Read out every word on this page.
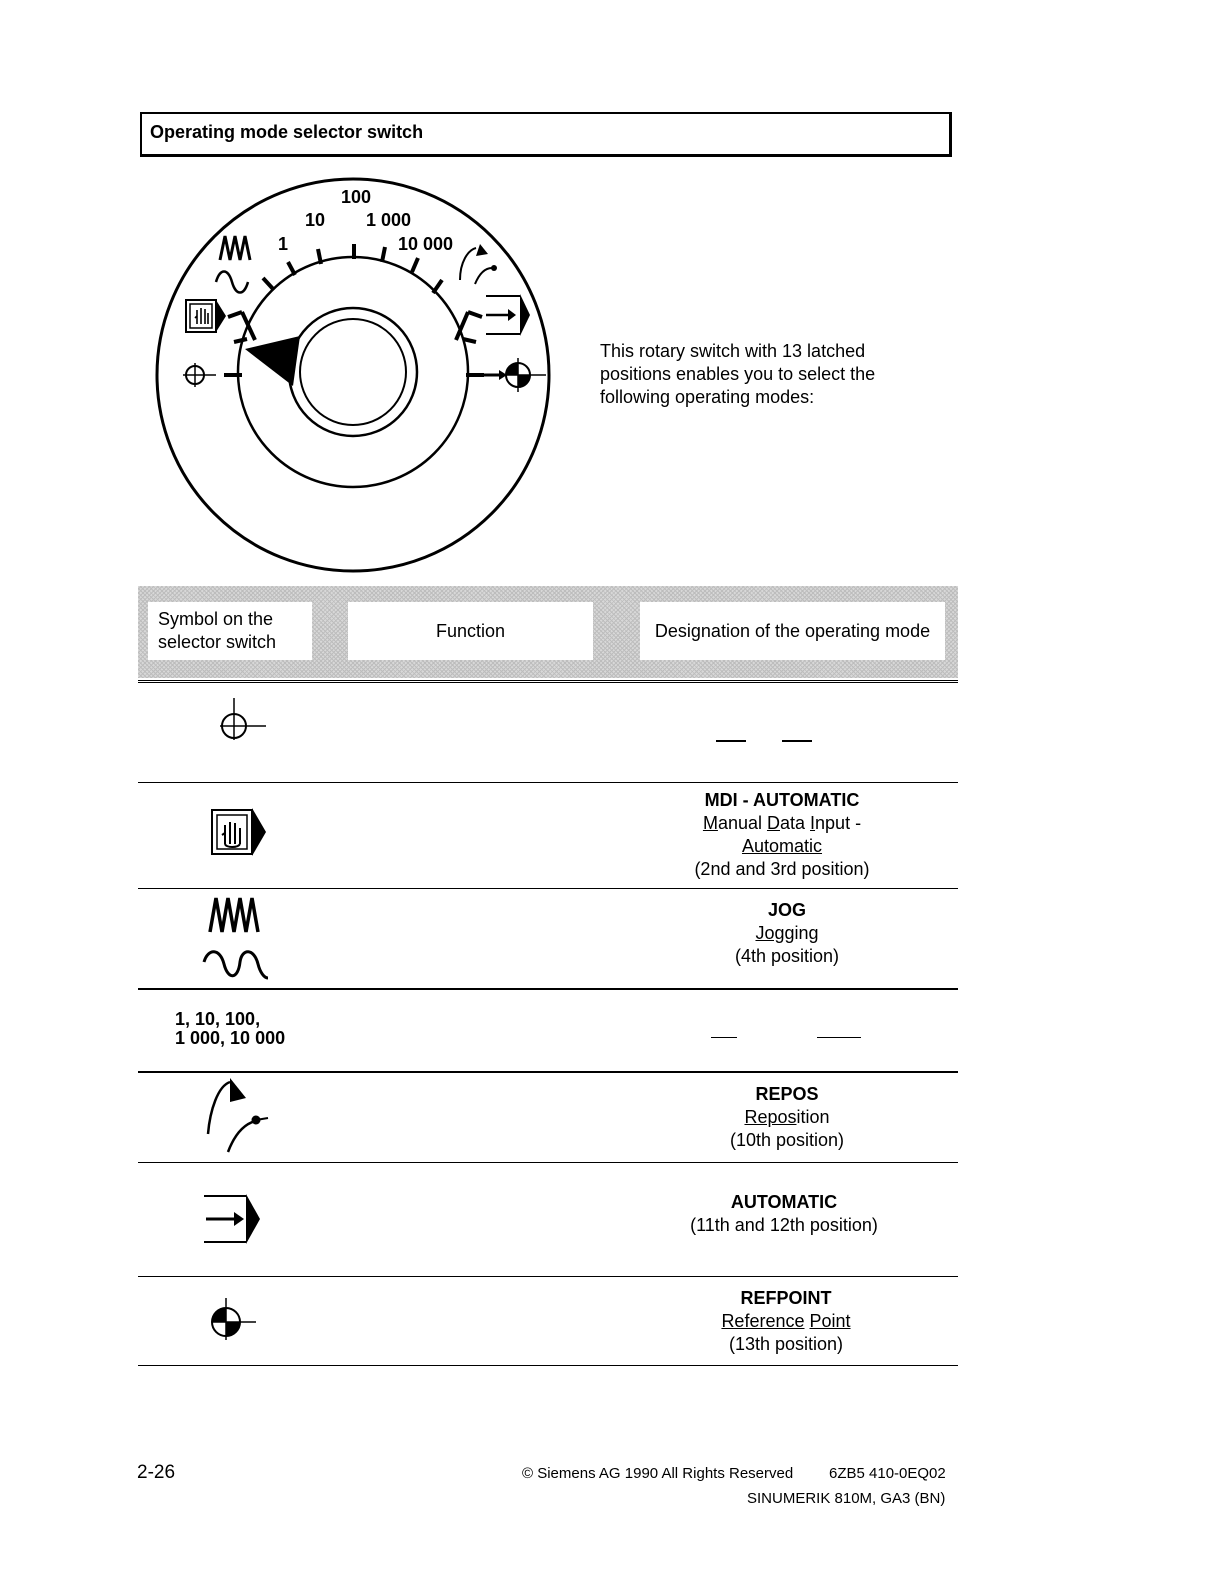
Operating mode selector switch
1
10
100
1 000
10 000
This rotary switch with 13 latched positions enables you to select the following operating modes:
Symbol on the selector switch
Function	Designation of the operating mode
MDI - AUTOMATIC
Manual Data Input -
Automatic
(2nd and 3rd position)
JOG
Jogging
(4th position)
1, 10, 100,
1 000, 10 000
REPOS
Reposition
(10th position)
AUTOMATIC
(11th and 12th position)
REFPOINT
Reference Point
(13th position)
2-26	© Siemens AG 1990 All Rights Reserved 6ZB5 410-0EQ02
SINUMERIK 810M, GA3 (BN)
